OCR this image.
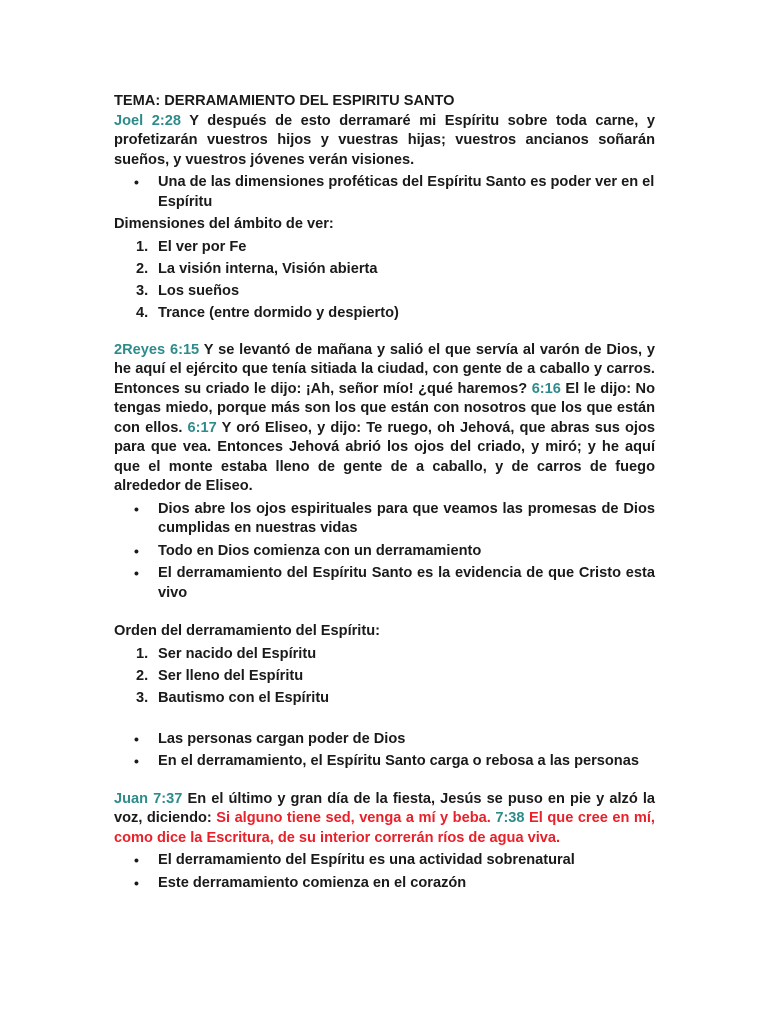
TEMA: DERRAMAMIENTO DEL ESPIRITU SANTO

Joel 2:28 Y después de esto derramaré mi Espíritu sobre toda carne, y profetizarán vuestros hijos y vuestras hijas; vuestros ancianos soñarán sueños, y vuestros jóvenes verán visiones.

• Una de las dimensiones proféticas del Espíritu Santo es poder ver en el Espíritu

Dimensiones del ámbito de ver:

1. El ver por Fe
2. La visión interna, Visión abierta
3. Los sueños
4. Trance (entre dormido y despierto)

2Reyes 6:15 Y se levantó de mañana y salió el que servía al varón de Dios, y he aquí el ejército que tenía sitiada la ciudad, con gente de a caballo y carros. Entonces su criado le dijo: ¡Ah, señor mío! ¿qué haremos? 6:16 El le dijo: No tengas miedo, porque más son los que están con nosotros que los que están con ellos. 6:17 Y oró Eliseo, y dijo: Te ruego, oh Jehová, que abras sus ojos para que vea. Entonces Jehová abrió los ojos del criado, y miró; y he aquí que el monte estaba lleno de gente de a caballo, y de carros de fuego alrededor de Eliseo.

• Dios abre los ojos espirituales para que veamos las promesas de Dios cumplidas en nuestras vidas
• Todo en Dios comienza con un derramamiento
• El derramamiento del Espíritu Santo es la evidencia de que Cristo esta vivo

Orden del derramamiento del Espíritu:

1. Ser nacido del Espíritu
2. Ser lleno del Espíritu
3. Bautismo con el Espíritu
• Las personas cargan poder de Dios
• En el derramamiento, el Espíritu Santo carga o rebosa a las personas

Juan 7:37 En el último y gran día de la fiesta, Jesús se puso en pie y alzó la voz, diciendo: Si alguno tiene sed, venga a mí y beba. 7:38 El que cree en mí, como dice la Escritura, de su interior correrán ríos de agua viva.

• El derramamiento del Espíritu es una actividad sobrenatural
• Este derramamiento comienza en el corazón
